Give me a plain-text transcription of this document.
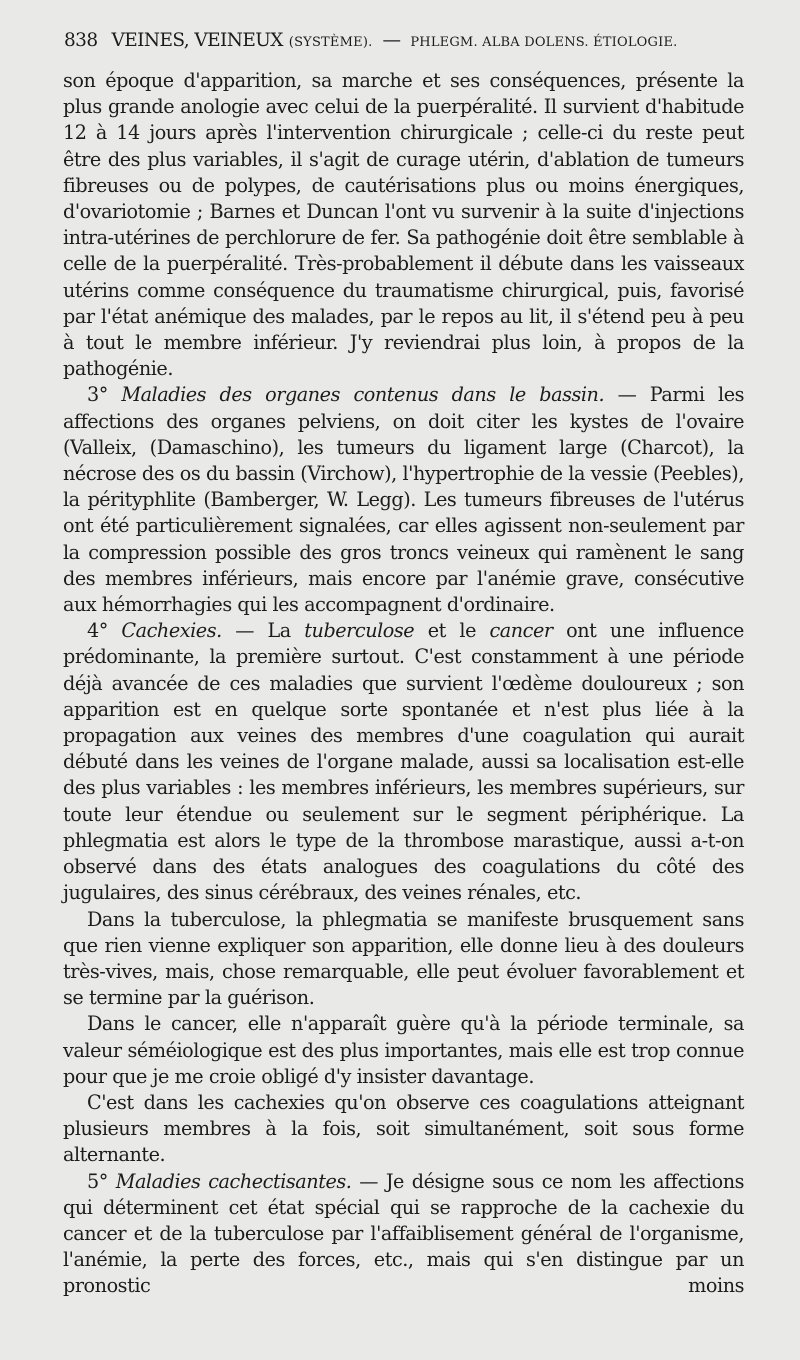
838 VEINES, VEINEUX (SYSTÈME). — PHLEGM. ALBA DOLENS. ÉTIOLOGIE.

son époque d'apparition, sa marche et ses conséquences, présente la plus grande anologie avec celui de la puerpéralité. Il survient d'habitude 12 à 14 jours après l'intervention chirurgicale ; celle-ci du reste peut être des plus variables, il s'agit de curage utérin, d'ablation de tumeurs fibreuses ou de polypes, de cautérisations plus ou moins énergiques, d'ovariotomie ; Barnes et Duncan l'ont vu survenir à la suite d'injections intra-utérines de perchlorure de fer. Sa pathogénie doit être semblable à celle de la puerpéralité. Très-probablement il débute dans les vaisseaux utérins comme conséquence du traumatisme chirurgical, puis, favorisé par l'état anémique des malades, par le repos au lit, il s'étend peu à peu à tout le membre inférieur. J'y reviendrai plus loin, à propos de la pathogénie.

3° Maladies des organes contenus dans le bassin. — Parmi les affections des organes pelviens, on doit citer les kystes de l'ovaire (Valleix, (Damaschino), les tumeurs du ligament large (Charcot), la nécrose des os du bassin (Virchow), l'hypertrophie de la vessie (Peebles), la pérityphlite (Bamberger, W. Legg). Les tumeurs fibreuses de l'utérus ont été particulièrement signalées, car elles agissent non-seulement par la compression possible des gros troncs veineux qui ramènent le sang des membres inférieurs, mais encore par l'anémie grave, consécutive aux hémorrhagies qui les accompagnent d'ordinaire.

4° Cachexies. — La tuberculose et le cancer ont une influence prédominante, la première surtout. C'est constamment à une période déjà avancée de ces maladies que survient l'œdème douloureux ; son apparition est en quelque sorte spontanée et n'est plus liée à la propagation aux veines des membres d'une coagulation qui aurait débuté dans les veines de l'organe malade, aussi sa localisation est-elle des plus variables : les membres inférieurs, les membres supérieurs, sur toute leur étendue ou seulement sur le segment périphérique. La phlegmatia est alors le type de la thrombose marastique, aussi a-t-on observé dans des états analogues des coagulations du côté des jugulaires, des sinus cérébraux, des veines rénales, etc.

Dans la tuberculose, la phlegmatia se manifeste brusquement sans que rien vienne expliquer son apparition, elle donne lieu à des douleurs très-vives, mais, chose remarquable, elle peut évoluer favorablement et se termine par la guérison.

Dans le cancer, elle n'apparaît guère qu'à la période terminale, sa valeur séméiologique est des plus importantes, mais elle est trop connue pour que je me croie obligé d'y insister davantage.

C'est dans les cachexies qu'on observe ces coagulations atteignant plusieurs membres à la fois, soit simultanément, soit sous forme alternante.

5° Maladies cachectisantes. — Je désigne sous ce nom les affections qui déterminent cet état spécial qui se rapproche de la cachexie du cancer et de la tuberculose par l'affaiblisement général de l'organisme, l'anémie, la perte des forces, etc., mais qui s'en distingue par un pronostic moins
